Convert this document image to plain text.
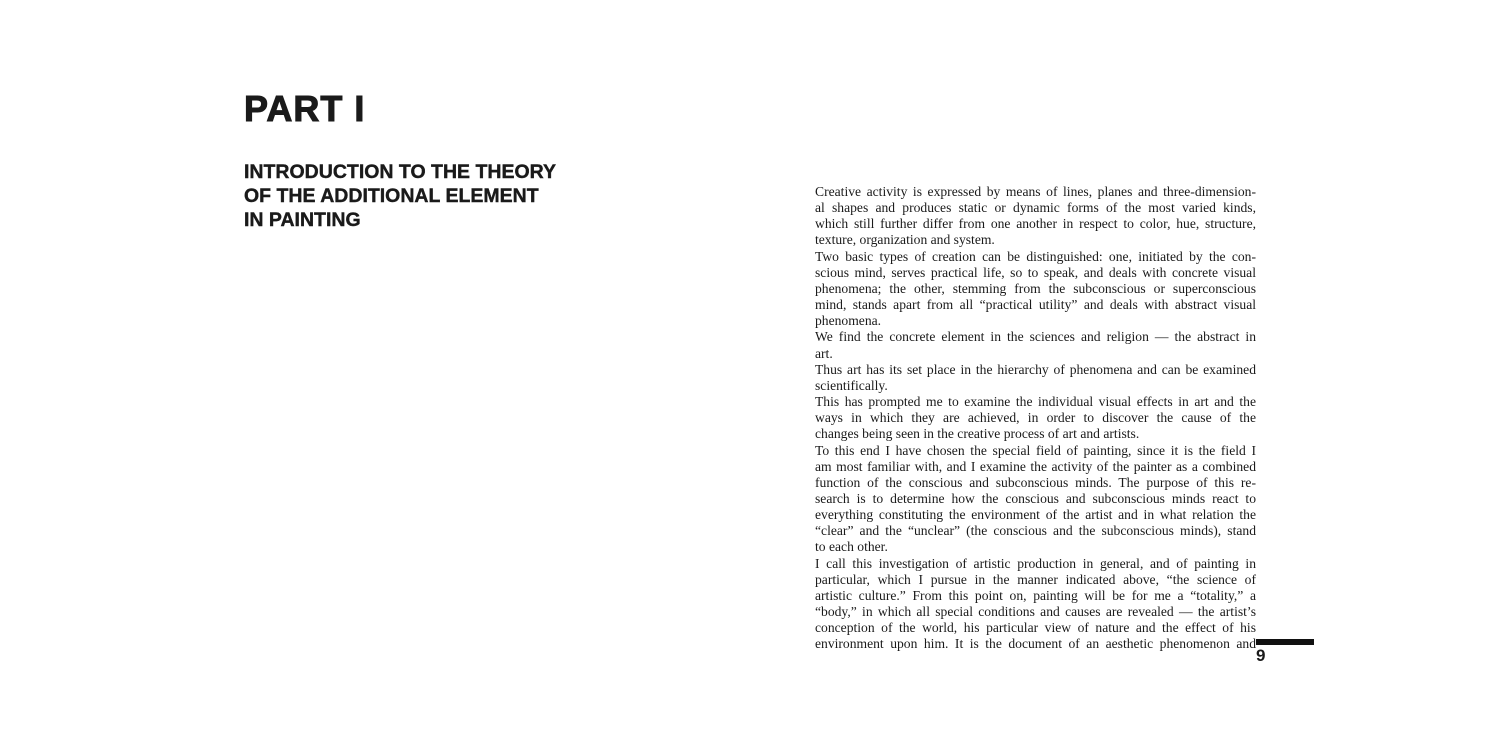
PART I
INTRODUCTION TO THE THEORY
OF THE ADDITIONAL ELEMENT
IN PAINTING
Creative activity is expressed by means of lines, planes and three-dimension-
al shapes and produces static or dynamic forms of the most varied kinds,
which still further differ from one another in respect to color, hue, structure,
texture, organization and system.
Two basic types of creation can be distinguished: one, initiated by the con-
scious mind, serves practical life, so to speak, and deals with concrete visual
phenomena; the other, stemming from the subconscious or superconscious
mind, stands apart from all “practical utility” and deals with abstract visual
phenomena.
We find the concrete element in the sciences and religion — the abstract in
art.
Thus art has its set place in the hierarchy of phenomena and can be examined
scientifically.
This has prompted me to examine the individual visual effects in art and the
ways in which they are achieved, in order to discover the cause of the
changes being seen in the creative process of art and artists.
To this end I have chosen the special field of painting, since it is the field I
am most familiar with, and I examine the activity of the painter as a combined
function of the conscious and subconscious minds. The purpose of this re-
search is to determine how the conscious and subconscious minds react to
everything constituting the environment of the artist and in what relation the
“clear” and the “unclear” (the conscious and the subconscious minds), stand
to each other.
I call this investigation of artistic production in general, and of painting in
particular, which I pursue in the manner indicated above, “the science of
artistic culture.” From this point on, painting will be for me a “totality,” a
“body,” in which all special conditions and causes are revealed — the artist’s
conception of the world, his particular view of nature and the effect of his
environment upon him. It is the document of an aesthetic phenomenon and
9
